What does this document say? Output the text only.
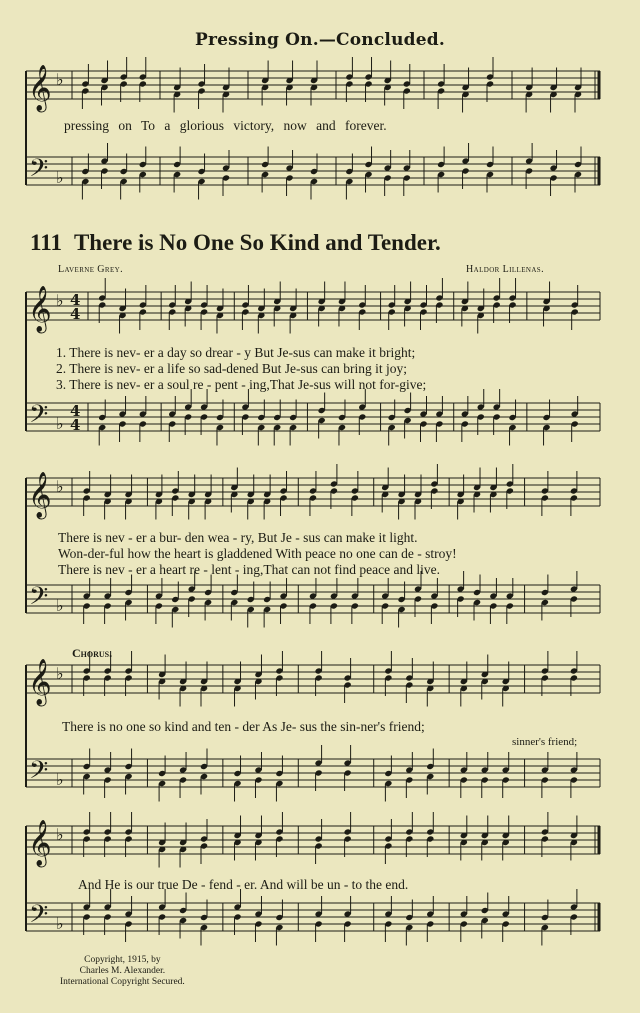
Pressing On.—Concluded.
𝄞
𝄢
♭
♭
𝄞
𝄢
♭
♭
4
4
4
4
𝄞
𝄢
♭
♭
𝄞
𝄢
♭
♭
𝄞
𝄢
♭
♭
pressing on To a glorious victory, now and forever.
111 There is No One So Kind and Tender.
Laverne Grey.	Haldor Lillenas.
1. There is nev- er a day so drear - y But Je-sus can make it bright;
2. There is nev- er a life so sad-dened But Je-sus can bring it joy;
3. There is nev- er a soul re - pent - ing,That Je-sus will not for-give;
There is nev - er a bur- den wea - ry, But Je - sus can make it light.
Won-der-ful how the heart is gladdened With peace no one can de - stroy!
There is nev - er a heart re - lent - ing,That can not find peace and live.
Chorus.
There is no one so kind and ten - der As Je- sus the sin-ner's friend;
sinner's friend;
And He is our true De - fend - er. And will be un - to the end.
Copyright, 1915, by
Charles M. Alexander.
International Copyright Secured.
